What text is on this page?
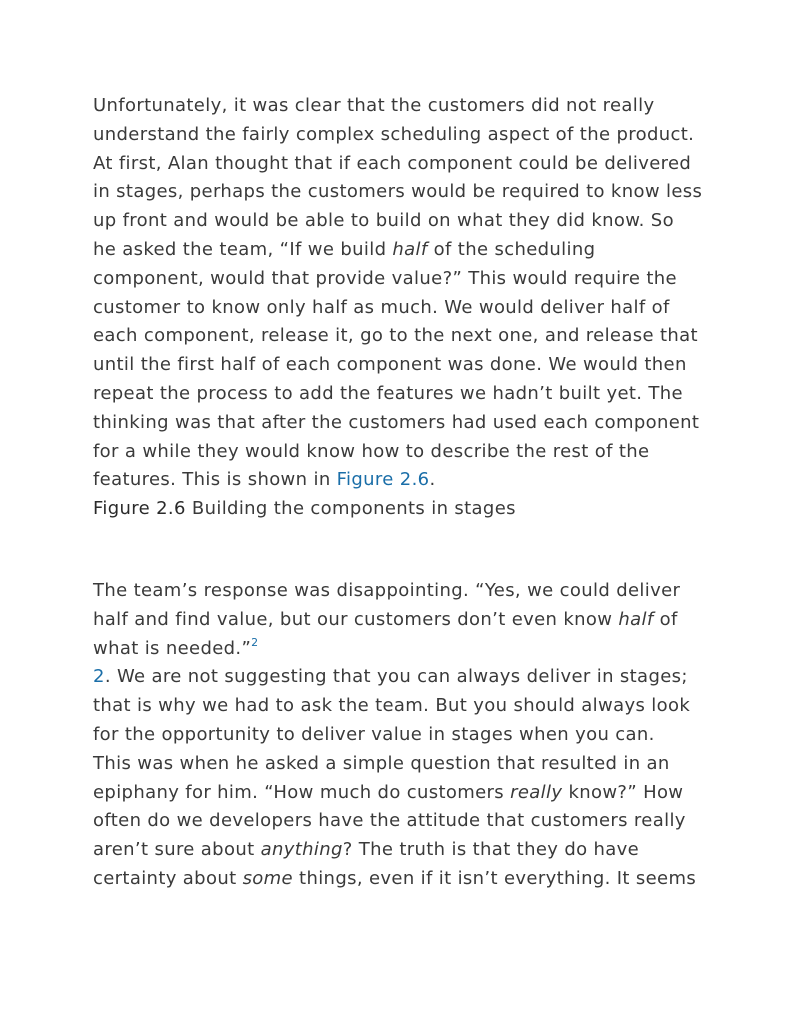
Unfortunately, it was clear that the customers did not really understand the fairly complex scheduling aspect of the product. At first, Alan thought that if each component could be delivered in stages, perhaps the customers would be required to know less up front and would be able to build on what they did know. So he asked the team, “If we build half of the scheduling component, would that provide value?” This would require the customer to know only half as much. We would deliver half of each component, release it, go to the next one, and release that until the first half of each component was done. We would then repeat the process to add the features we hadn’t built yet. The thinking was that after the customers had used each component for a while they would know how to describe the rest of the features. This is shown in Figure 2.6.

Figure 2.6 Building the components in stages

The team’s response was disappointing. “Yes, we could deliver half and find value, but our customers don’t even know half of what is needed.”$^2$

2. We are not suggesting that you can always deliver in stages; that is why we had to ask the team. But you should always look for the opportunity to deliver value in stages when you can.

This was when he asked a simple question that resulted in an epiphany for him. “How much do customers really know?” How often do we developers have the attitude that customers really aren’t sure about anything? The truth is that they do have certainty about some things, even if it isn’t everything. It seems
